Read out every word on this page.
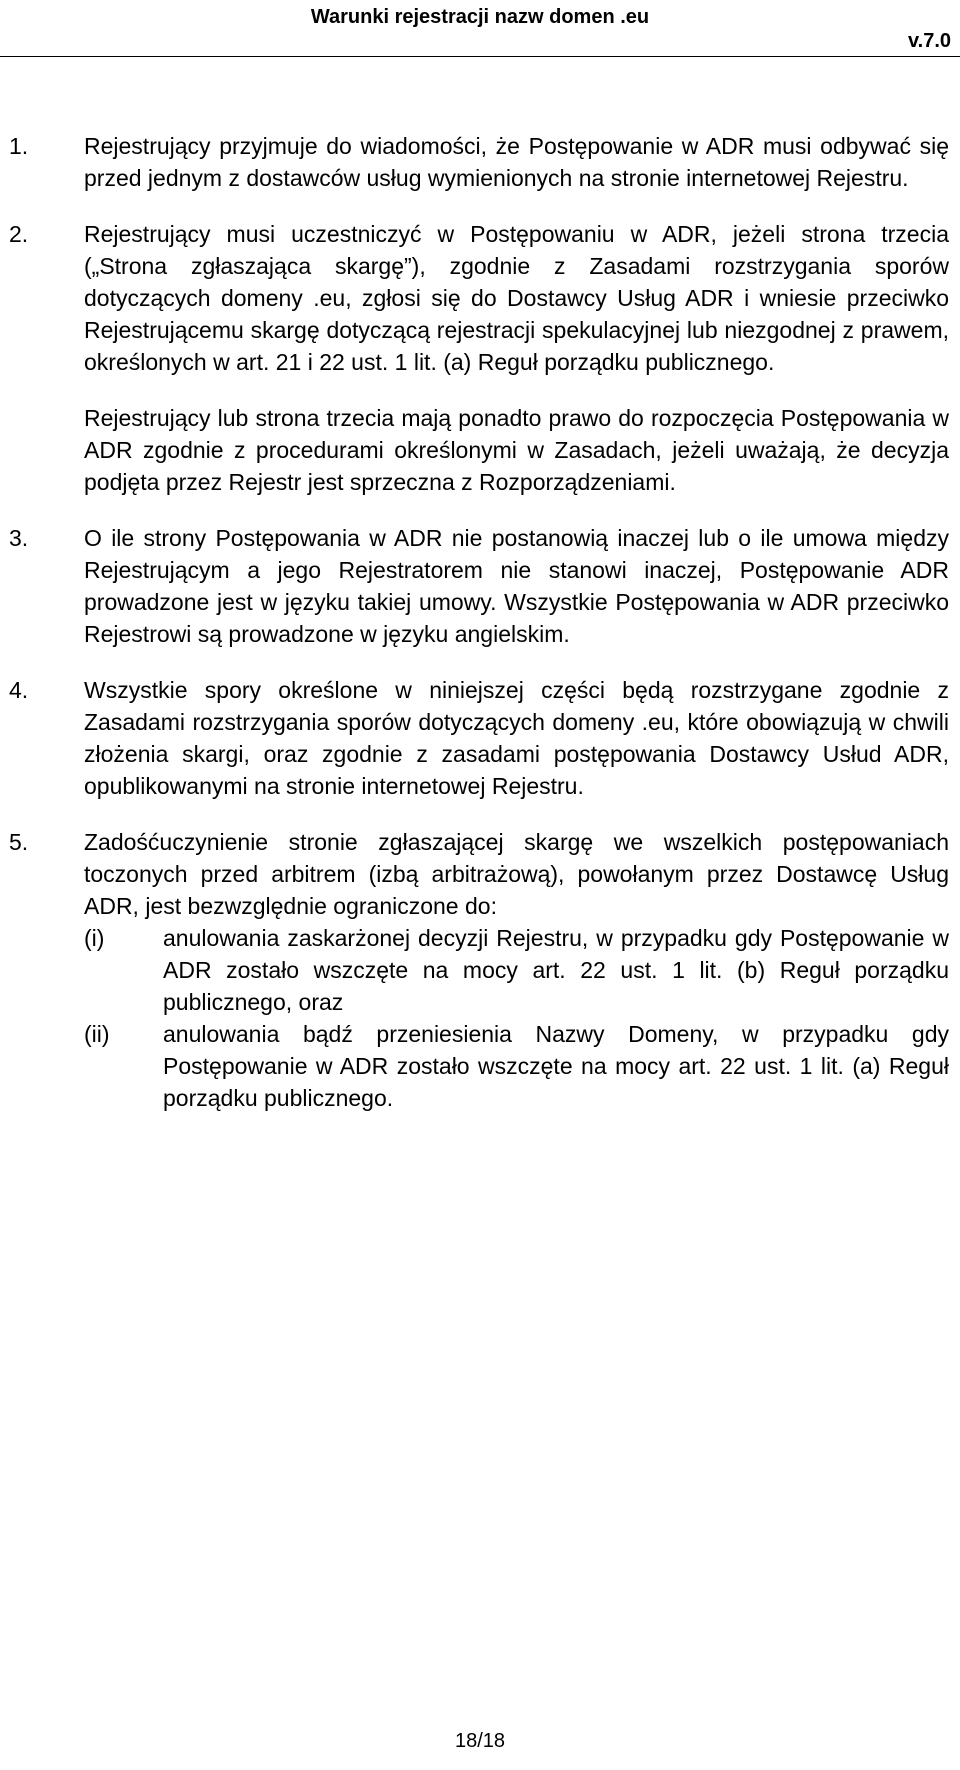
Warunki rejestracji nazw domen .eu
v.7.0

1. Rejestrujący przyjmuje do wiadomości, że Postępowanie w ADR musi odbywać się przed jednym z dostawców usług wymienionych na stronie internetowej Rejestru.

2. Rejestrujący musi uczestniczyć w Postępowaniu w ADR, jeżeli strona trzecia („Strona zgłaszająca skargę”), zgodnie z Zasadami rozstrzygania sporów dotyczących domeny .eu, zgłosi się do Dostawcy Usług ADR i wniesie przeciwko Rejestrującemu skargę dotyczącą rejestracji spekulacyjnej lub niezgodnej z prawem, określonych w art. 21 i 22 ust. 1 lit. (a) Reguł porządku publicznego.

Rejestrujący lub strona trzecia mają ponadto prawo do rozpoczęcia Postępowania w ADR zgodnie z procedurami określonymi w Zasadach, jeżeli uważają, że decyzja podjęta przez Rejestr jest sprzeczna z Rozporządzeniami.

3. O ile strony Postępowania w ADR nie postanowią inaczej lub o ile umowa między Rejestrującym a jego Rejestratorem nie stanowi inaczej, Postępowanie ADR prowadzone jest w języku takiej umowy. Wszystkie Postępowania w ADR przeciwko Rejestrowi są prowadzone w języku angielskim.

4. Wszystkie spory określone w niniejszej części będą rozstrzygane zgodnie z Zasadami rozstrzygania sporów dotyczących domeny .eu, które obowiązują w chwili złożenia skargi, oraz zgodnie z zasadami postępowania Dostawcy Usłud ADR, opublikowanymi na stronie internetowej Rejestru.

5. Zadośćuczynienie stronie zgłaszającej skargę we wszelkich postępowaniach toczonych przed arbitrem (izbą arbitrażową), powołanym przez Dostawcę Usług ADR, jest bezwzględnie ograniczone do:

(i)	anulowania zaskarżonej decyzji Rejestru, w przypadku gdy Postępowanie w ADR zostało wszczęte na mocy art. 22 ust. 1 lit. (b) Reguł porządku publicznego, oraz

(ii) anulowania bądź przeniesienia Nazwy Domeny, w przypadku gdy Postępowanie w ADR zostało wszczęte na mocy art. 22 ust. 1 lit. (a) Reguł porządku publicznego.

18/18
